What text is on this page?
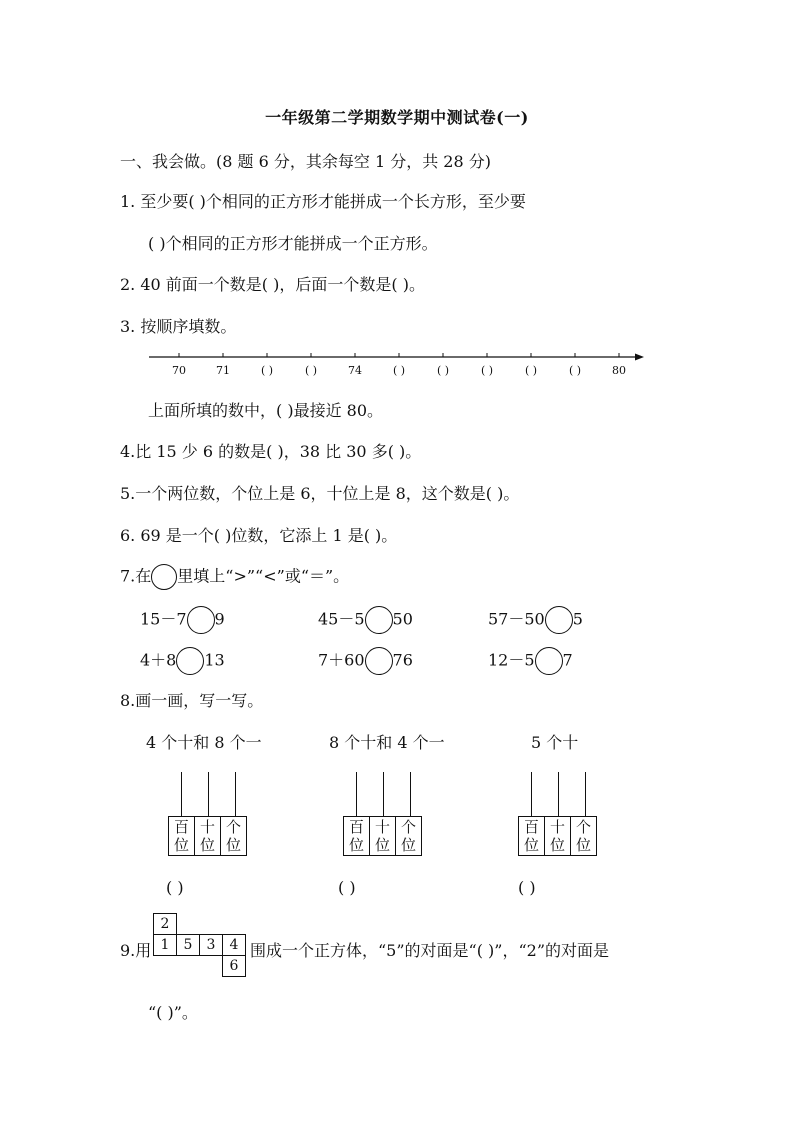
一年级第二学期数学期中测试卷(一)
一、我会做。(8 题 6 分，其余每空 1 分，共 28 分)
1. 至少要( )个相同的正方形才能拼成一个长方形，至少要
( )个相同的正方形才能拼成一个正方形。
2. 40 前面一个数是( )，后面一个数是( )。
3. 按顺序填数。
70	71	( )	( )	74	( )	( )	( )	( )	( )	80
上面所填的数中，( )最接近 80。
4.比 15 少 6 的数是( )，38 比 30 多( )。
5.一个两位数，个位上是 6，十位上是 8，这个数是( )。
6. 69 是一个( )位数，它添上 1 是( )。
7.在 里填上“>”“<”或“＝”。
15－7 9	45－5 50	57－50 5
4＋8 13	7＋60 76	12－5 7
8.画一画，写一写。
4 个十和 8 个一	8 个十和 4 个一	5 个十
百
位	十
位	个
位
百
位	十
位	个
位
百
位	十
位	个
位
( )	( )	( )
9.用
2			
1	5	3	4
			6
围成一个正方体，“5”的对面是“( )”，“2”的对面是
“( )”。
